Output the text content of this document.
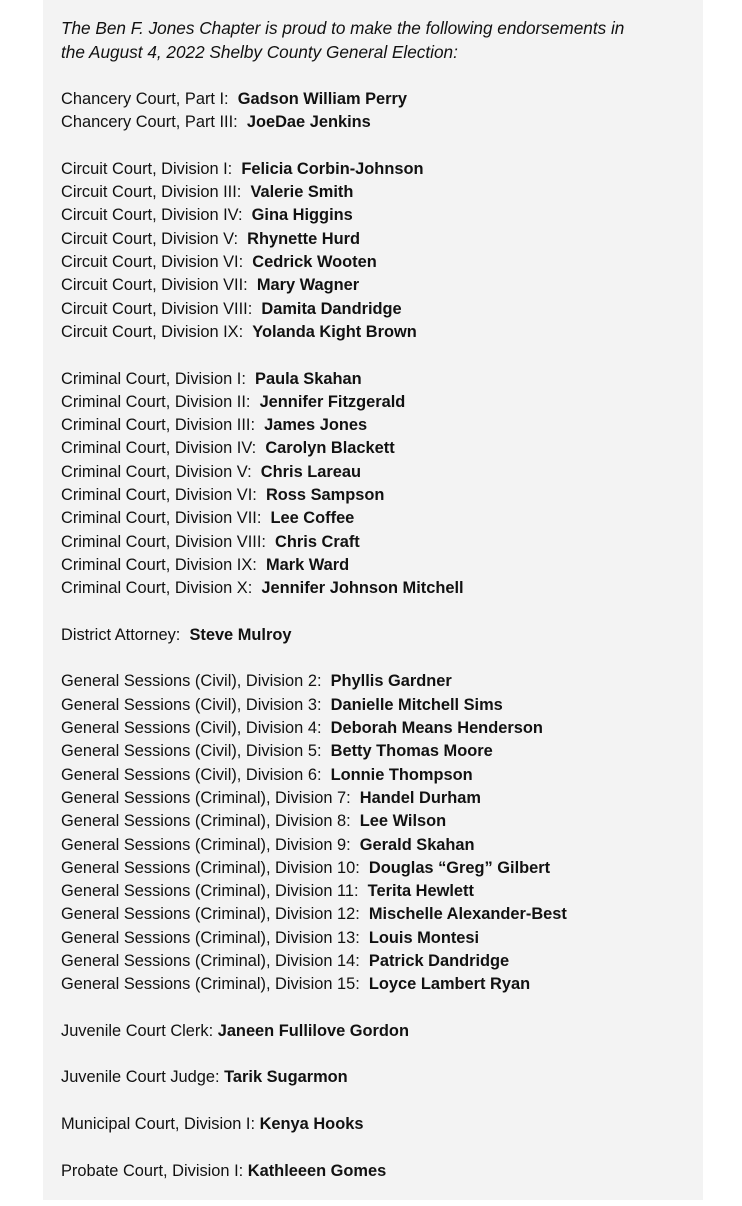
The Ben F. Jones Chapter is proud to make the following endorsements in
the August 4, 2022 Shelby County General Election:

Chancery Court, Part I: Gadson William Perry
Chancery Court, Part III: JoeDae Jenkins
Circuit Court, Division I: Felicia Corbin-Johnson
Circuit Court, Division III: Valerie Smith
Circuit Court, Division IV: Gina Higgins
Circuit Court, Division V: Rhynette Hurd
Circuit Court, Division VI: Cedrick Wooten
Circuit Court, Division VII: Mary Wagner
Circuit Court, Division VIII: Damita Dandridge
Circuit Court, Division IX: Yolanda Kight Brown
Criminal Court, Division I: Paula Skahan
Criminal Court, Division II: Jennifer Fitzgerald
Criminal Court, Division III: James Jones
Criminal Court, Division IV: Carolyn Blackett
Criminal Court, Division V: Chris Lareau
Criminal Court, Division VI: Ross Sampson
Criminal Court, Division VII: Lee Coffee
Criminal Court, Division VIII: Chris Craft
Criminal Court, Division IX: Mark Ward
Criminal Court, Division X: Jennifer Johnson Mitchell
District Attorney: Steve Mulroy
General Sessions (Civil), Division 2: Phyllis Gardner
General Sessions (Civil), Division 3: Danielle Mitchell Sims
General Sessions (Civil), Division 4: Deborah Means Henderson
General Sessions (Civil), Division 5: Betty Thomas Moore
General Sessions (Civil), Division 6: Lonnie Thompson
General Sessions (Criminal), Division 7: Handel Durham
General Sessions (Criminal), Division 8: Lee Wilson
General Sessions (Criminal), Division 9: Gerald Skahan
General Sessions (Criminal), Division 10: Douglas “Greg” Gilbert
General Sessions (Criminal), Division 11: Terita Hewlett
General Sessions (Criminal), Division 12: Mischelle Alexander-Best
General Sessions (Criminal), Division 13: Louis Montesi
General Sessions (Criminal), Division 14: Patrick Dandridge
General Sessions (Criminal), Division 15: Loyce Lambert Ryan
Juvenile Court Clerk: Janeen Fullilove Gordon
Juvenile Court Judge: Tarik Sugarmon
Municipal Court, Division I: Kenya Hooks
Probate Court, Division I: Kathleeen Gomes
